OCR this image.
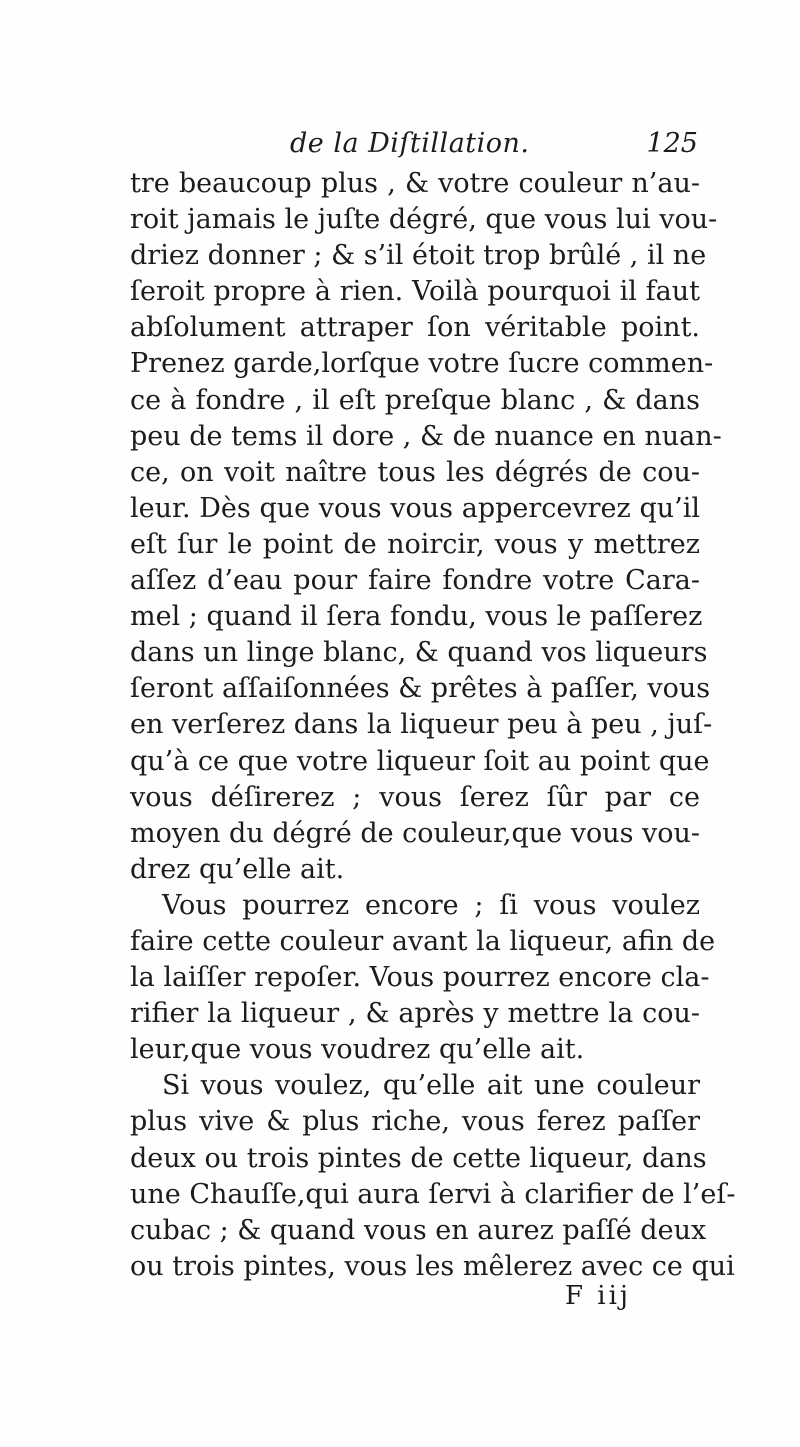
de la Diſtillation.	125
tre beaucoup plus , & votre couleur n’au-
roit jamais le juſte dégré, que vous lui vou-
driez donner ; & s’il étoit trop brûlé , il ne
ſeroit propre à rien. Voilà pourquoi il faut
abſolument attraper ſon véritable point.
Prenez garde,lorſque votre ſucre commen-
ce à fondre , il eſt preſque blanc , & dans
peu de tems il dore , & de nuance en nuan-
ce, on voit naître tous les dégrés de cou-
leur. Dès que vous vous appercevrez qu’il
eſt ſur le point de noircir, vous y mettrez
aſſez d’eau pour faire fondre votre Cara-
mel ; quand il ſera fondu, vous le paſſerez
dans un linge blanc, & quand vos liqueurs
ſeront aſſaiſonnées & prêtes à paſſer, vous
en verſerez dans la liqueur peu à peu , juſ-
qu’à ce que votre liqueur ſoit au point que
vous déſirerez ; vous ſerez ſûr par ce
moyen du dégré de couleur,que vous vou-
drez qu’elle ait.
Vous pourrez encore ; ſi vous voulez
faire cette couleur avant la liqueur, afin de
la laiſſer repoſer. Vous pourrez encore cla-
rifier la liqueur , & après y mettre la cou-
leur,que vous voudrez qu’elle ait.
Si vous voulez, qu’elle ait une couleur
plus vive & plus riche, vous ferez paſſer
deux ou trois pintes de cette liqueur, dans
une Chauſſe,qui aura ſervi à clarifier de l’eſ-
cubac ; & quand vous en aurez paſſé deux
ou trois pintes, vous les mêlerez avec ce qui
F iij
